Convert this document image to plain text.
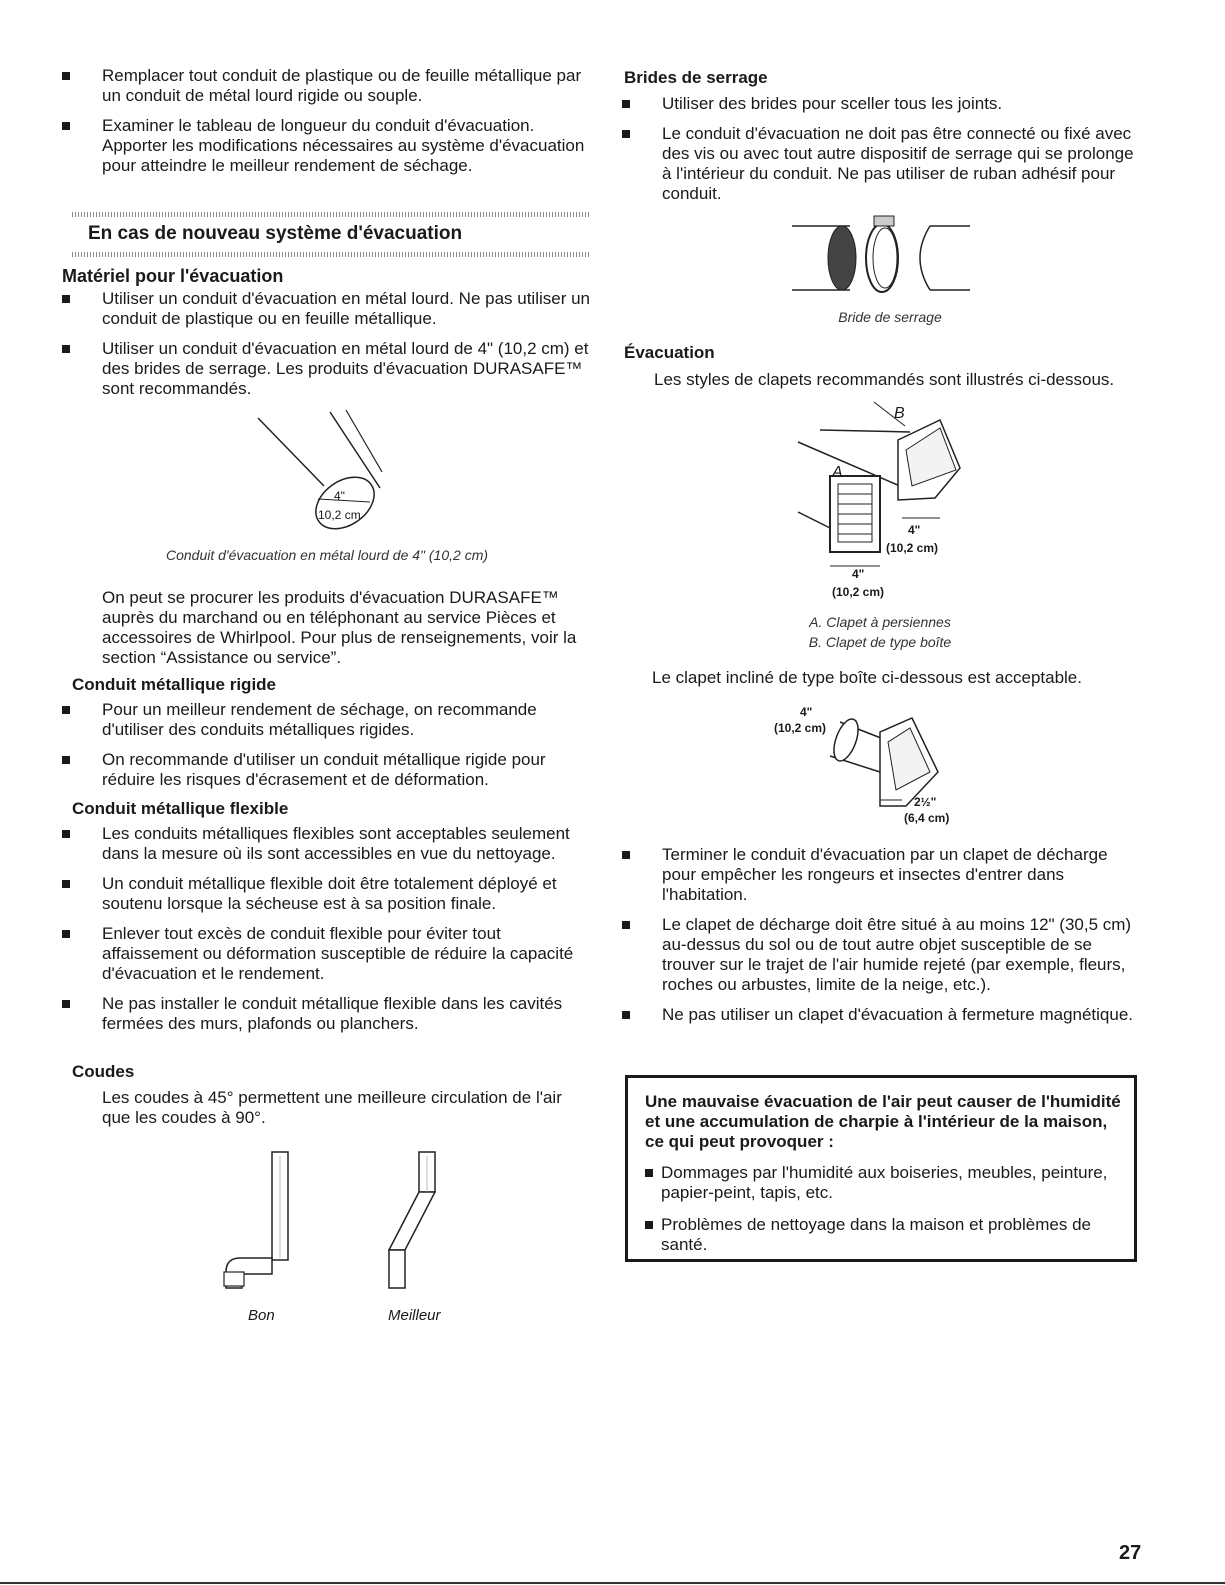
Remplacer tout conduit de plastique ou de feuille métallique par un conduit de métal lourd rigide ou souple.
Examiner le tableau de longueur du conduit d'évacuation. Apporter les modifications nécessaires au système d'évacuation pour atteindre le meilleur rendement de séchage.
En cas de nouveau système d'évacuation
Matériel pour l'évacuation
Utiliser un conduit d'évacuation en métal lourd. Ne pas utiliser un conduit de plastique ou en feuille métallique.
Utiliser un conduit d'évacuation en métal lourd de 4" (10,2 cm) et des brides de serrage. Les produits d'évacuation DURASAFE™ sont recommandés.
4"
10,2 cm
Conduit d'évacuation en métal lourd de 4" (10,2 cm)
On peut se procurer les produits d'évacuation DURASAFE™ auprès du marchand ou en téléphonant au service Pièces et accessoires de Whirlpool. Pour plus de renseignements, voir la section “Assistance ou service”.
Conduit métallique rigide
Pour un meilleur rendement de séchage, on recommande d'utiliser des conduits métalliques rigides.
On recommande d'utiliser un conduit métallique rigide pour réduire les risques d'écrasement et de déformation.
Conduit métallique flexible
Les conduits métalliques flexibles sont acceptables seulement dans la mesure où ils sont accessibles en vue du nettoyage.
Un conduit métallique flexible doit être totalement déployé et soutenu lorsque la sécheuse est à sa position finale.
Enlever tout excès de conduit flexible pour éviter tout affaissement ou déformation susceptible de réduire la capacité d'évacuation et le rendement.
Ne pas installer le conduit métallique flexible dans les cavités fermées des murs, plafonds ou planchers.
Coudes
Les coudes à 45° permettent une meilleure circulation de l'air que les coudes à 90°.
Bon	Meilleur
Brides de serrage
Utiliser des brides pour sceller tous les joints.
Le conduit d'évacuation ne doit pas être connecté ou fixé avec des vis ou avec tout autre dispositif de serrage qui se prolonge à l'intérieur du conduit. Ne pas utiliser de ruban adhésif pour conduit.
Bride de serrage
Évacuation
Les styles de clapets recommandés sont illustrés ci-dessous.
B
A
4"
(10,2 cm)
4"
(10,2 cm)
A. Clapet à persiennes
B. Clapet de type boîte
Le clapet incliné de type boîte ci-dessous est acceptable.
4"
(10,2 cm)
2½"
(6,4 cm)
Terminer le conduit d'évacuation par un clapet de décharge pour empêcher les rongeurs et insectes d'entrer dans l'habitation.
Le clapet de décharge doit être situé à au moins 12" (30,5 cm) au-dessus du sol ou de tout autre objet susceptible de se trouver sur le trajet de l'air humide rejeté (par exemple, fleurs, roches ou arbustes, limite de la neige, etc.).
Ne pas utiliser un clapet d'évacuation à fermeture magnétique.
Une mauvaise évacuation de l'air peut causer de l'humidité et une accumulation de charpie à l'intérieur de la maison, ce qui peut provoquer :
Dommages par l'humidité aux boiseries, meubles, peinture, papier-peint, tapis, etc.
Problèmes de nettoyage dans la maison et problèmes de santé.
27
